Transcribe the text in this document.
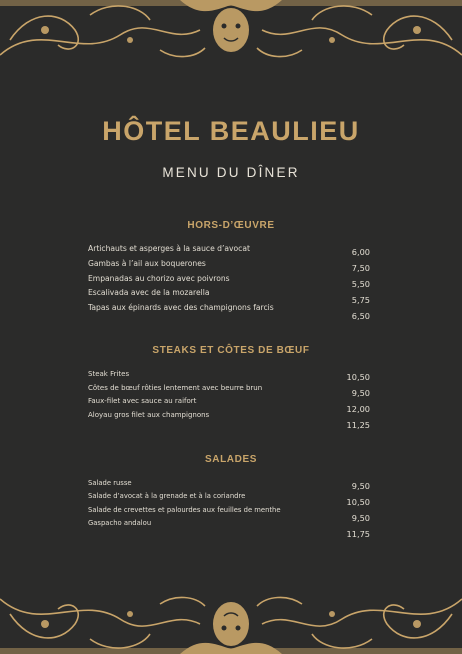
HÔTEL BEAULIEU
MENU DU DÎNER
HORS-D’ŒUVRE
Artichauts et asperges à la sauce d’avocat
Gambas à l’ail aux boquerones
Empanadas au chorizo avec poivrons
Escalivada avec de la mozarella
Tapas aux épinards avec des champignons farcis
6,00
7,50
5,50
5,75
6,50
STEAKS ET CÔTES DE BŒUF
Steak Frites
Côtes de bœuf rôties lentement avec beurre brun
Faux-filet avec sauce au raifort
Aloyau gros filet aux champignons
10,50
9,50
12,00
11,25
SALADES
Salade russe
Salade d’avocat à la grenade et à la coriandre
Salade de crevettes et palourdes aux feuilles de menthe
Gaspacho andalou
9,50
10,50
9,50
11,75
